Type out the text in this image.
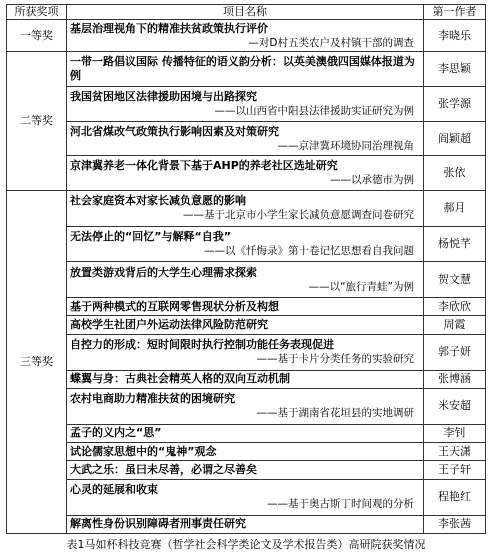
所获奖项	项目名称	第一作者
一等奖	基层治理视角下的精准扶贫政策执行评价
—对D村五类农户及村镇干部的调查	李晓乐
二等奖	一带一路倡议国际 传播特征的语义韵分析：以英美澳俄四国媒体报道为例	李思颖

	我国贫困地区法律援助困境与出路探究
—— 以山西省中阳县法律援助实证研究为例	张学源

	河北省煤改气政策执行影响因素及对策研究
—— 京津冀环境协同治理视角	阎颖超

	京津冀养老一体化背景下基于AHP的养老社区选址研究
—— 以承德市为例	张依
三等奖	社会家庭资本对家长减负意愿的影响
—— 基于北京市小学生家长减负意愿调查问卷研究	郝月

	无法停止的“回忆”与解释“自我”
—— 以《忏悔录》第十卷记忆思想看自我问题	杨悦芊

	放置类游戏背后的大学生心理需求探索
—— 以“旅行青蛙”为例	贺文慧

	基于两种模式的互联网零售现状分析及构想	李欣欣

	高校学生社团户外运动法律风险防范研究	周霞

	自控力的形成：短时间限时执行控制功能任务表现促进
—— 基于卡片分类任务的实验研究	郭子妍

	蝶翼与身：古典社会精英人格的双向互动机制	张博涵

	农村电商助力精准扶贫的困境研究
—— 基于湖南省花垣县的实地调研	米安超

	孟子的义内之“思”	李钊

	试论儒家思想中的“鬼神”观念	王天潇

	大武之乐：虽曰未尽善，必谓之尽善矣	王子轩

	心灵的延展和收束
—— 基于奥古斯丁时间观的分析	程艳红

	解离性身份识别障碍者刑事责任研究	李张茜
表1马如杯科技竞赛（哲学社会科学类论文及学术报告类）高研院获奖情况
